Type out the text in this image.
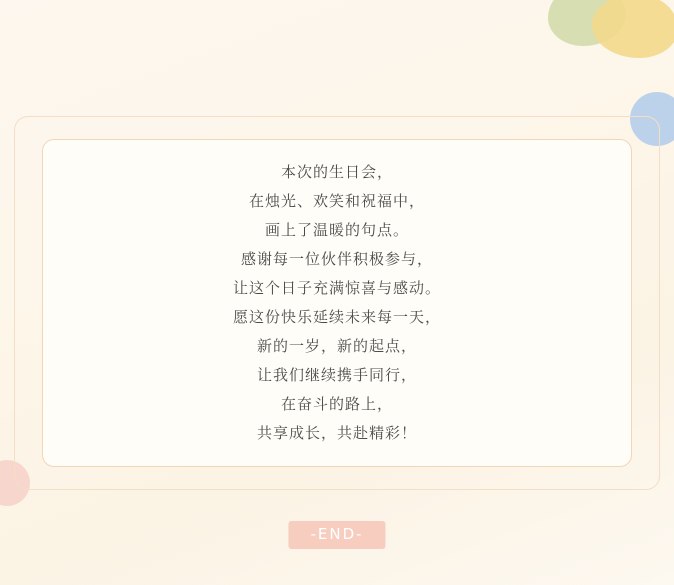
本次的生日会，
在烛光、欢笑和祝福中，
画上了温暖的句点。
感谢每一位伙伴积极参与，
让这个日子充满惊喜与感动。
愿这份快乐延续未来每一天，
新的一岁，新的起点，
让我们继续携手同行，
在奋斗的路上，
共享成长，共赴精彩！
-END-
